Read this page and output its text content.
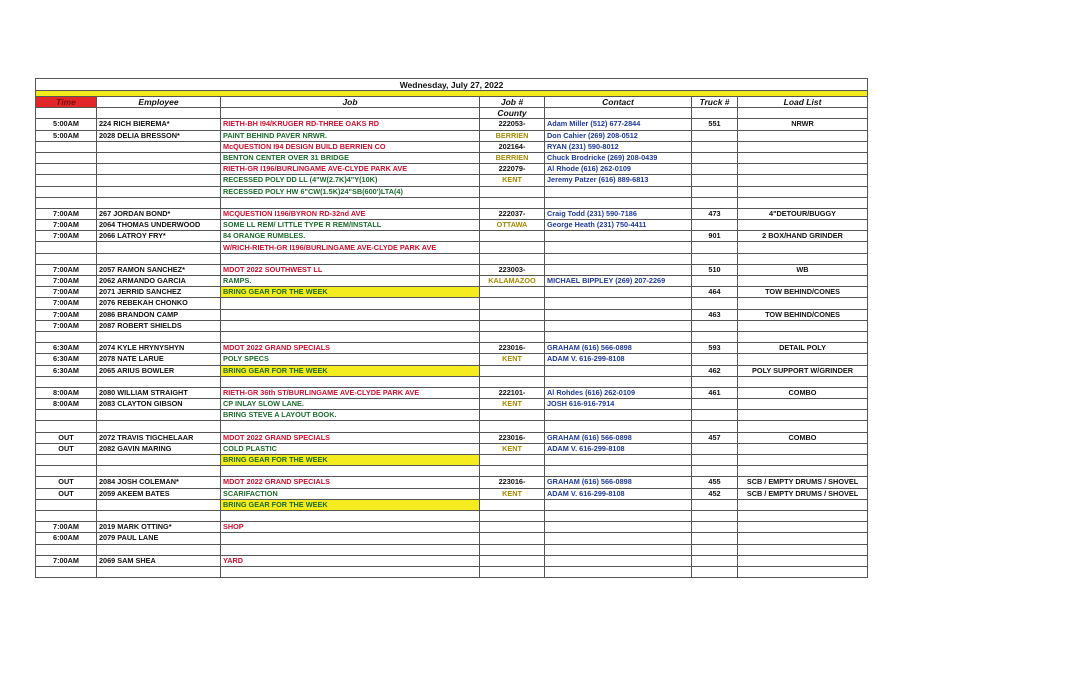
Wednesday, July 27, 2022						

Time	Employee	Job	Job #	Contact	Truck #	Load List
			County			
5:00AM	224 RICH BIEREMA*	RIETH-BH I94/KRUGER RD-THREE OAKS RD	222053-	Adam Miller (512) 677-2844	551	NRWR
5:00AM	2028 DELIA BRESSON*	PAINT BEHIND PAVER NRWR.	BERRIEN	Don Cahier (269) 208-0512		
		McQUESTION I94 DESIGN BUILD BERRIEN CO	202164-	RYAN (231) 590-8012		
		BENTON CENTER OVER 31 BRIDGE	BERRIEN	Chuck Brodricke (269) 208-0439		
		RIETH-GR I196/BURLINGAME AVE-CLYDE PARK AVE	222079-	Al Rhode (616) 262-0109		
		RECESSED POLY DD LL (4"W(2.7K)4"Y(10K)	KENT	Jeremy Patzer (616) 889-6813		
		RECESSED POLY HW 6"CW(1.5K)24"SB(600')LTA(4)				

7:00AM	267 JORDAN BOND*	MCQUESTION I196/BYRON RD-32nd AVE	222037-	Craig Todd (231) 590-7186	473	4"DETOUR/BUGGY
7:00AM	2064 THOMAS UNDERWOOD	SOME LL REM/ LITTLE TYPE R REM/INSTALL	OTTAWA	George Heath (231) 750-4411		
7:00AM	2066 LATROY FRY*	84 ORANGE RUMBLES.			901	2 BOX/HAND GRINDER
		W/RICH-RIETH-GR I196/BURLINGAME AVE-CLYDE PARK AVE				

7:00AM	2057 RAMON SANCHEZ*	MDOT 2022 SOUTHWEST LL	223003-		510	WB
7:00AM	2062 ARMANDO GARCIA	RAMPS.	KALAMAZOO	MICHAEL BIPPLEY (269) 207-2269		
7:00AM	2071 JERRID SANCHEZ	BRING GEAR FOR THE WEEK			464	TOW BEHIND/CONES
7:00AM	2076 REBEKAH CHONKO					
7:00AM	2086 BRANDON CAMP				463	TOW BEHIND/CONES
7:00AM	2087 ROBERT SHIELDS					

6:30AM	2074 KYLE HRYNYSHYN	MDOT 2022 GRAND SPECIALS	223016-	GRAHAM (616) 566-0898	593	DETAIL POLY
6:30AM	2078 NATE LARUE	POLY SPECS	KENT	ADAM V. 616-299-8108		
6:30AM	2065 ARIUS BOWLER	BRING GEAR FOR THE WEEK			462	POLY SUPPORT W/GRINDER

8:00AM	2080 WILLIAM STRAIGHT	RIETH-GR 36th ST/BURLINGAME AVE-CLYDE PARK AVE	222101-	Al Rohdes (616) 262-0109	461	COMBO
8:00AM	2083 CLAYTON GIBSON	CP INLAY SLOW LANE.	KENT	JOSH 616-916-7914		
		BRING STEVE A LAYOUT BOOK.				

OUT	2072 TRAVIS TIGCHELAAR	MDOT 2022 GRAND SPECIALS	223016-	GRAHAM (616) 566-0898	457	COMBO
OUT	2082 GAVIN MARING	COLD PLASTIC	KENT	ADAM V. 616-299-8108		
		BRING GEAR FOR THE WEEK				

OUT	2084 JOSH COLEMAN*	MDOT 2022 GRAND SPECIALS	223016-	GRAHAM (616) 566-0898	455	SCB / EMPTY DRUMS / SHOVEL
OUT	2059 AKEEM BATES	SCARIFACTION	KENT	ADAM V. 616-299-8108	452	SCB / EMPTY DRUMS / SHOVEL
		BRING GEAR FOR THE WEEK				

7:00AM	2019 MARK OTTING*	SHOP				
6:00AM	2079 PAUL LANE					

7:00AM	2069 SAM SHEA	YARD				
